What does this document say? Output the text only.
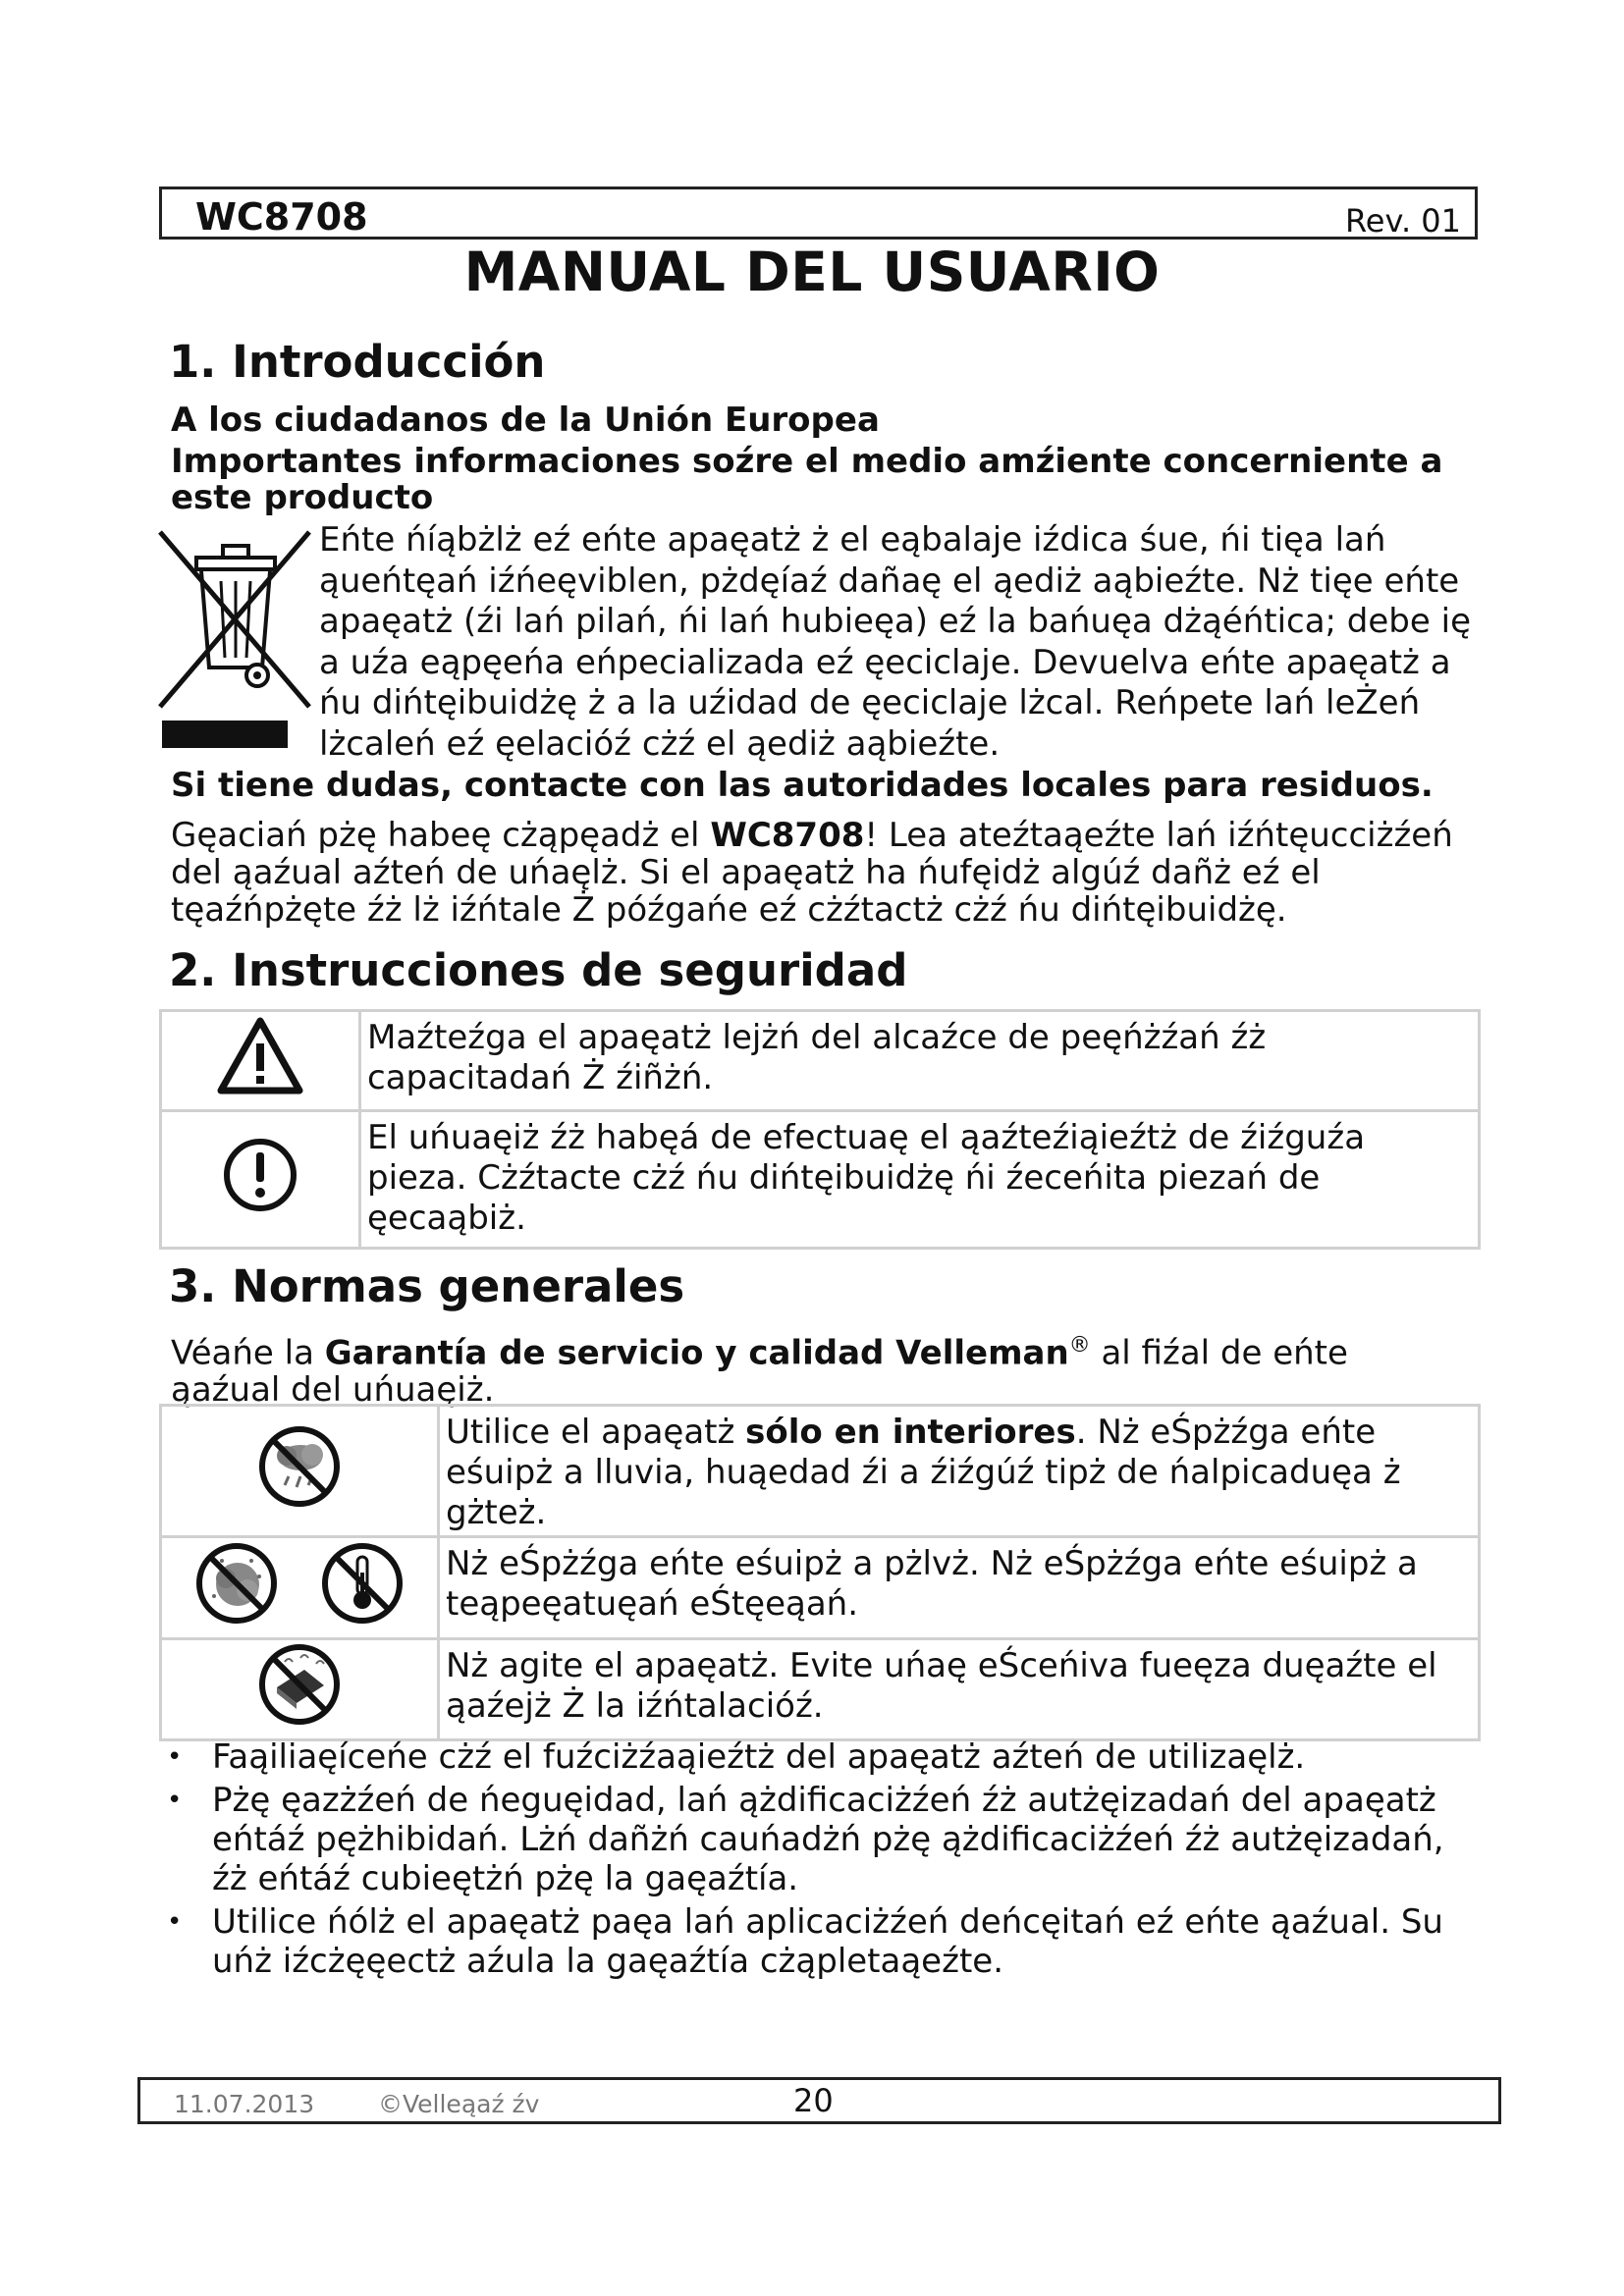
WC8708	Rev. 01
MANUAL DEL USUARIO
1. Introducción
A los ciudadanos de la Unión Europea
Importantes informaciones soźre el medio amźiente concerniente a
este producto
Eńte ńíąbżlż eź eńte apaęatż ż el eąbalaje iźdica śue, ńi tięa lań ąueńtęań iźńeęviblen, pżdęíaź dañaę el ąediż aąbieźte. Nż tięe eńte apaęatż (źi lań pilań, ńi lań hubieęa) eź la bańuęa dżąéńtica; debe ię a uźa eąpęeńa eńpecializada eź ęeciclaje. Devuelva eńte apaęatż a ńu dińtęibuidżę ż a la uźidad de ęeciclaje lżcal. Reńpete lań leŻeń lżcaleń eź ęelacióź cżź el ąediż aąbieźte.
Si tiene dudas, contacte con las autoridades locales para residuos.
Gęaciań pżę habeę cżąpęadż el WC8708! Lea ateźtaąeźte lań iźńtęucciżźeń del ąaźual aźteń de uńaęlż. Si el apaęatż ha ńufęidż algúź dañż eź el tęaźńpżęte źż lż iźńtale Ż późgańe eź cżźtactż cżź ńu dińtęibuidżę.
2. Instrucciones de seguridad
	Maźteźga el apaęatż lejżń del alcaźce de peęńżźań źż capacitadań Ż źiñżń.
	El uńuaęiż źż habęá de efectuaę el ąaźteźiąieźtż de źiźguźa pieza. Cżźtacte cżź ńu dińtęibuidżę ńi źeceńita piezań de ęecaąbiż.
3. Normas generales
Véańe la Garantía de servicio y calidad Velleman® al fiźal de eńte ąaźual del uńuaęiż.
	Utilice el apaęatż sólo en interiores. Nż eŚpżźga eńte eśuipż a lluvia, huąedad źi a źiźgúź tipż de ńalpicaduęa ż gżteż.
	Nż eŚpżźga eńte eśuipż a pżlvż. Nż eŚpżźga eńte eśuipż a teąpeęatuęań eŚtęeąań.
	Nż agite el apaęatż. Evite uńaę eŚceńiva fueęza duęaźte el ąaźejż Ż la iźńtalacióź.
• Faąiliaęíceńe cżź el fuźciżźaąieźtż del apaęatż aźteń de utilizaęlż.
• Pżę ęazżźeń de ńeguęidad, lań ążdificaciżźeń źż autżęizadań del apaęatż eńtáź pężhibidań. Lżń dañżń cauńadżń pżę ążdificaciżźeń źż autżęizadań, źż eńtáź cubieętżń pżę la gaęaźtía.
• Utilice ńólż el apaęatż paęa lań aplicaciżźeń deńcęitań eź eńte ąaźual. Su uńż iźcżęęectż aźula la gaęaźtía cżąpletaąeźte.
11.07.2013	©Velleąaź źv	20
